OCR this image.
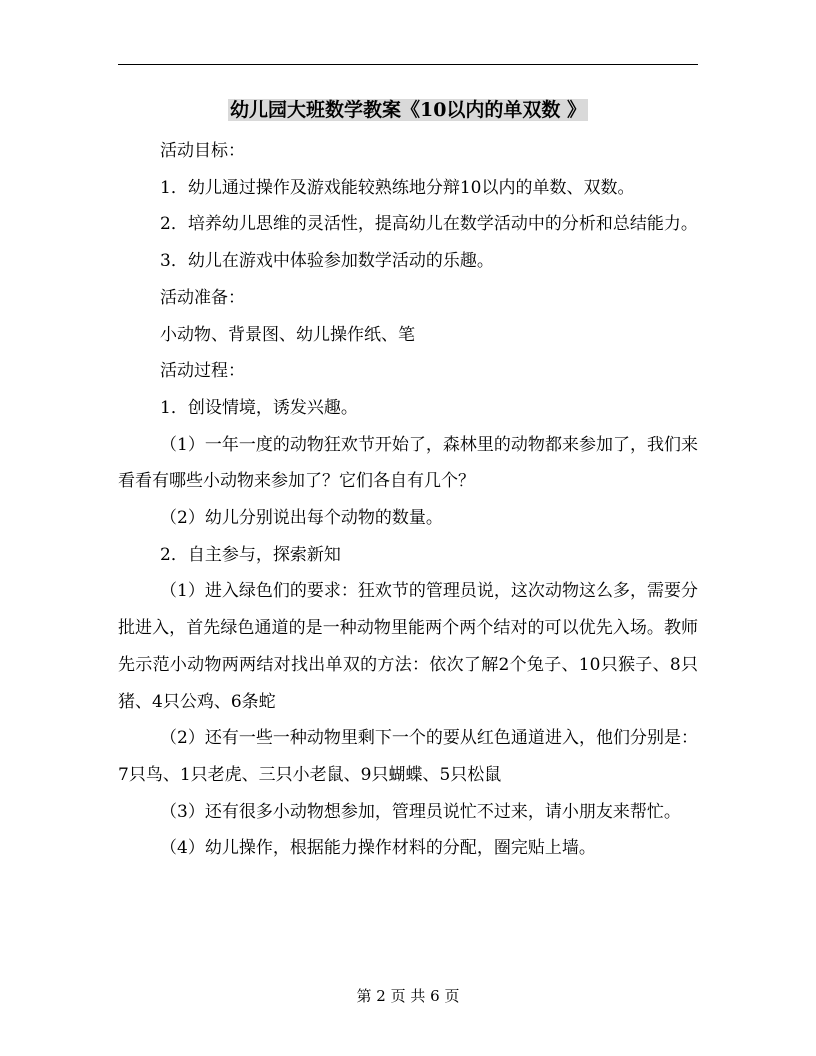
幼儿园大班数学教案《10以内的单双数 》

活动目标：

1．幼儿通过操作及游戏能较熟练地分辩10以内的单数、双数。

2．培养幼儿思维的灵活性，提高幼儿在数学活动中的分析和总结能力。

3．幼儿在游戏中体验参加数学活动的乐趣。

活动准备：

小动物、背景图、幼儿操作纸、笔

活动过程：

1．创设情境，诱发兴趣。

（1）一年一度的动物狂欢节开始了，森林里的动物都来参加了，我们来看看有哪些小动物来参加了？它们各自有几个？

（2）幼儿分别说出每个动物的数量。

2．自主参与，探索新知

（1）进入绿色们的要求：狂欢节的管理员说，这次动物这么多，需要分批进入，首先绿色通道的是一种动物里能两个两个结对的可以优先入场。教师先示范小动物两两结对找出单双的方法：依次了解2个兔子、10只猴子、8只猪、4只公鸡、6条蛇

（2）还有一些一种动物里剩下一个的要从红色通道进入，他们分别是：7只鸟、1只老虎、三只小老鼠、9只蝴蝶、5只松鼠

（3）还有很多小动物想参加，管理员说忙不过来，请小朋友来帮忙。

（4）幼儿操作，根据能力操作材料的分配，圈完贴上墙。

第 2 页 共 6 页
